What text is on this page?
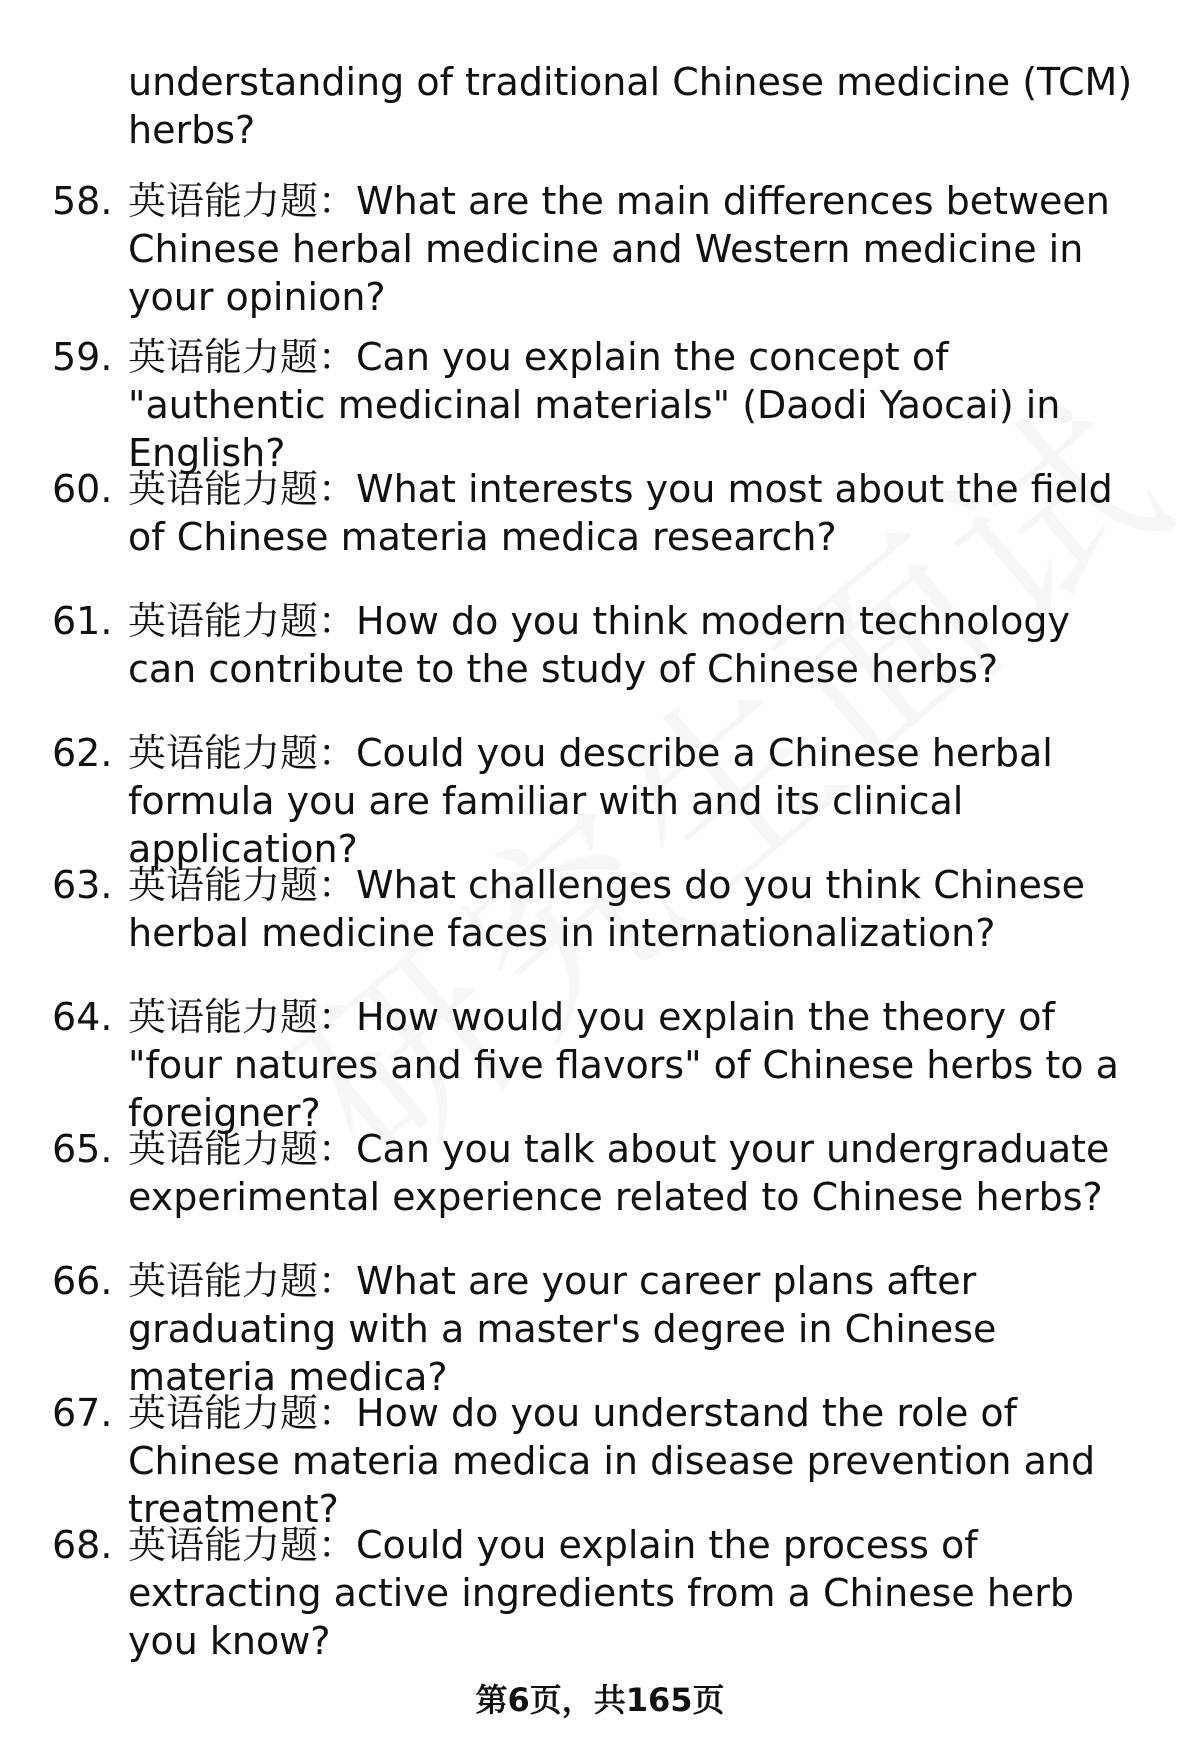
understanding of traditional Chinese medicine (TCM) herbs?
58. 英语能力题：What are the main differences between Chinese herbal medicine and Western medicine in your opinion?
59. 英语能力题：Can you explain the concept of "authentic medicinal materials" (Daodi Yaocai) in English?
60. 英语能力题：What interests you most about the field of Chinese materia medica research?
61. 英语能力题：How do you think modern technology can contribute to the study of Chinese herbs?
62. 英语能力题：Could you describe a Chinese herbal formula you are familiar with and its clinical application?
63. 英语能力题：What challenges do you think Chinese herbal medicine faces in internationalization?
64. 英语能力题：How would you explain the theory of "four natures and five flavors" of Chinese herbs to a foreigner?
65. 英语能力题：Can you talk about your undergraduate experimental experience related to Chinese herbs?
66. 英语能力题：What are your career plans after graduating with a master's degree in Chinese materia medica?
67. 英语能力题：How do you understand the role of Chinese materia medica in disease prevention and treatment?
68. 英语能力题：Could you explain the process of extracting active ingredients from a Chinese herb you know?
第6页，共165页
